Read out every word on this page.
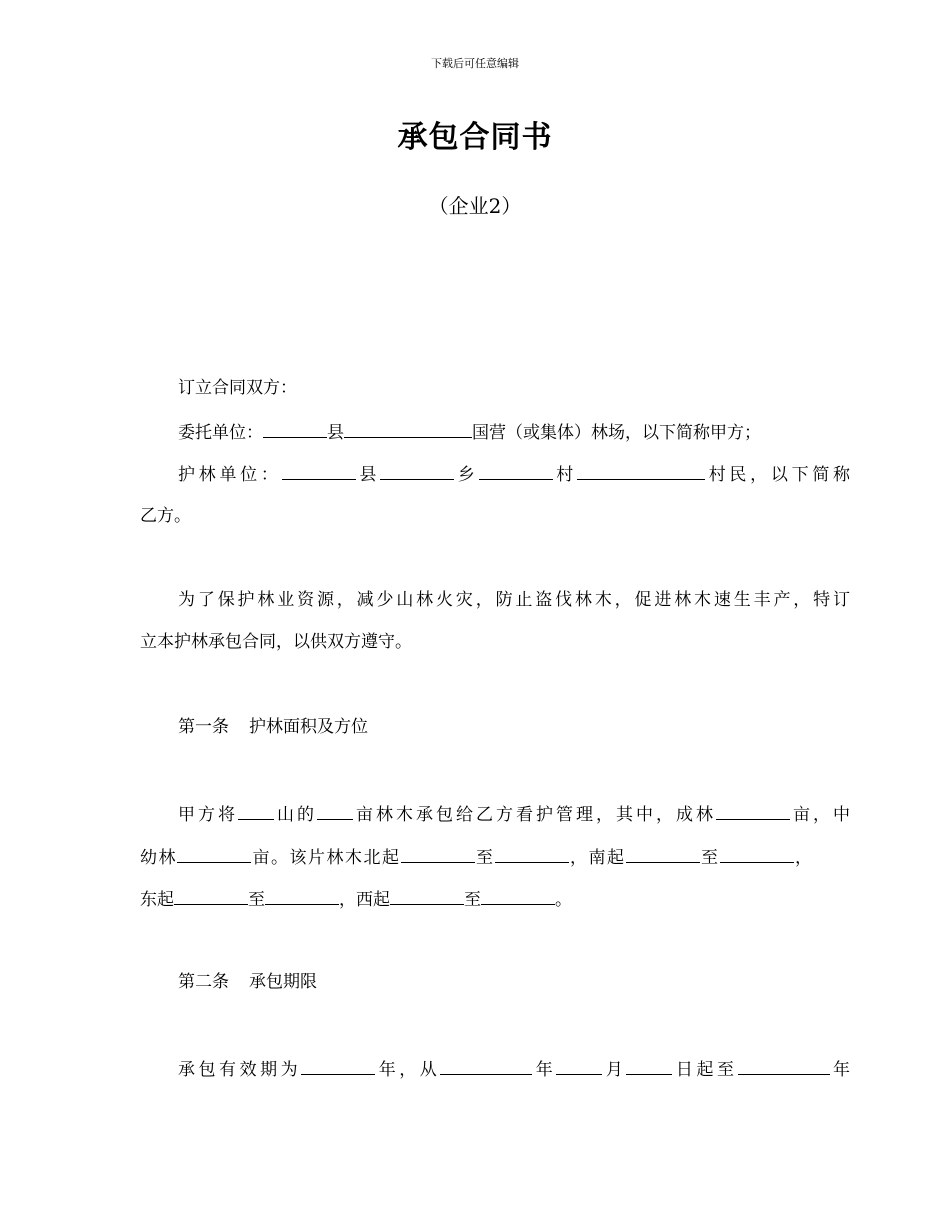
下载后可任意编辑
承包合同书
（企业2）
订立合同双方：
委托单位：	县	国营（或集体）林场，以下简称甲方；
护林单位：	县	乡	村	村民，以下简称
乙方。
为了保护林业资源，减少山林火灾，防止盗伐林木，促进林木速生丰产，特订
立本护林承包合同，以供双方遵守。
第一条 护林面积及方位
甲方将 山的 亩林木承包给乙方看护管理，其中，成林	亩，中
幼林	亩。该片林木北起	至	，南起	至	，
东起	至	，西起	至	。
第二条 承包期限
承包有效期为	年，从	年	月	日起至	年
